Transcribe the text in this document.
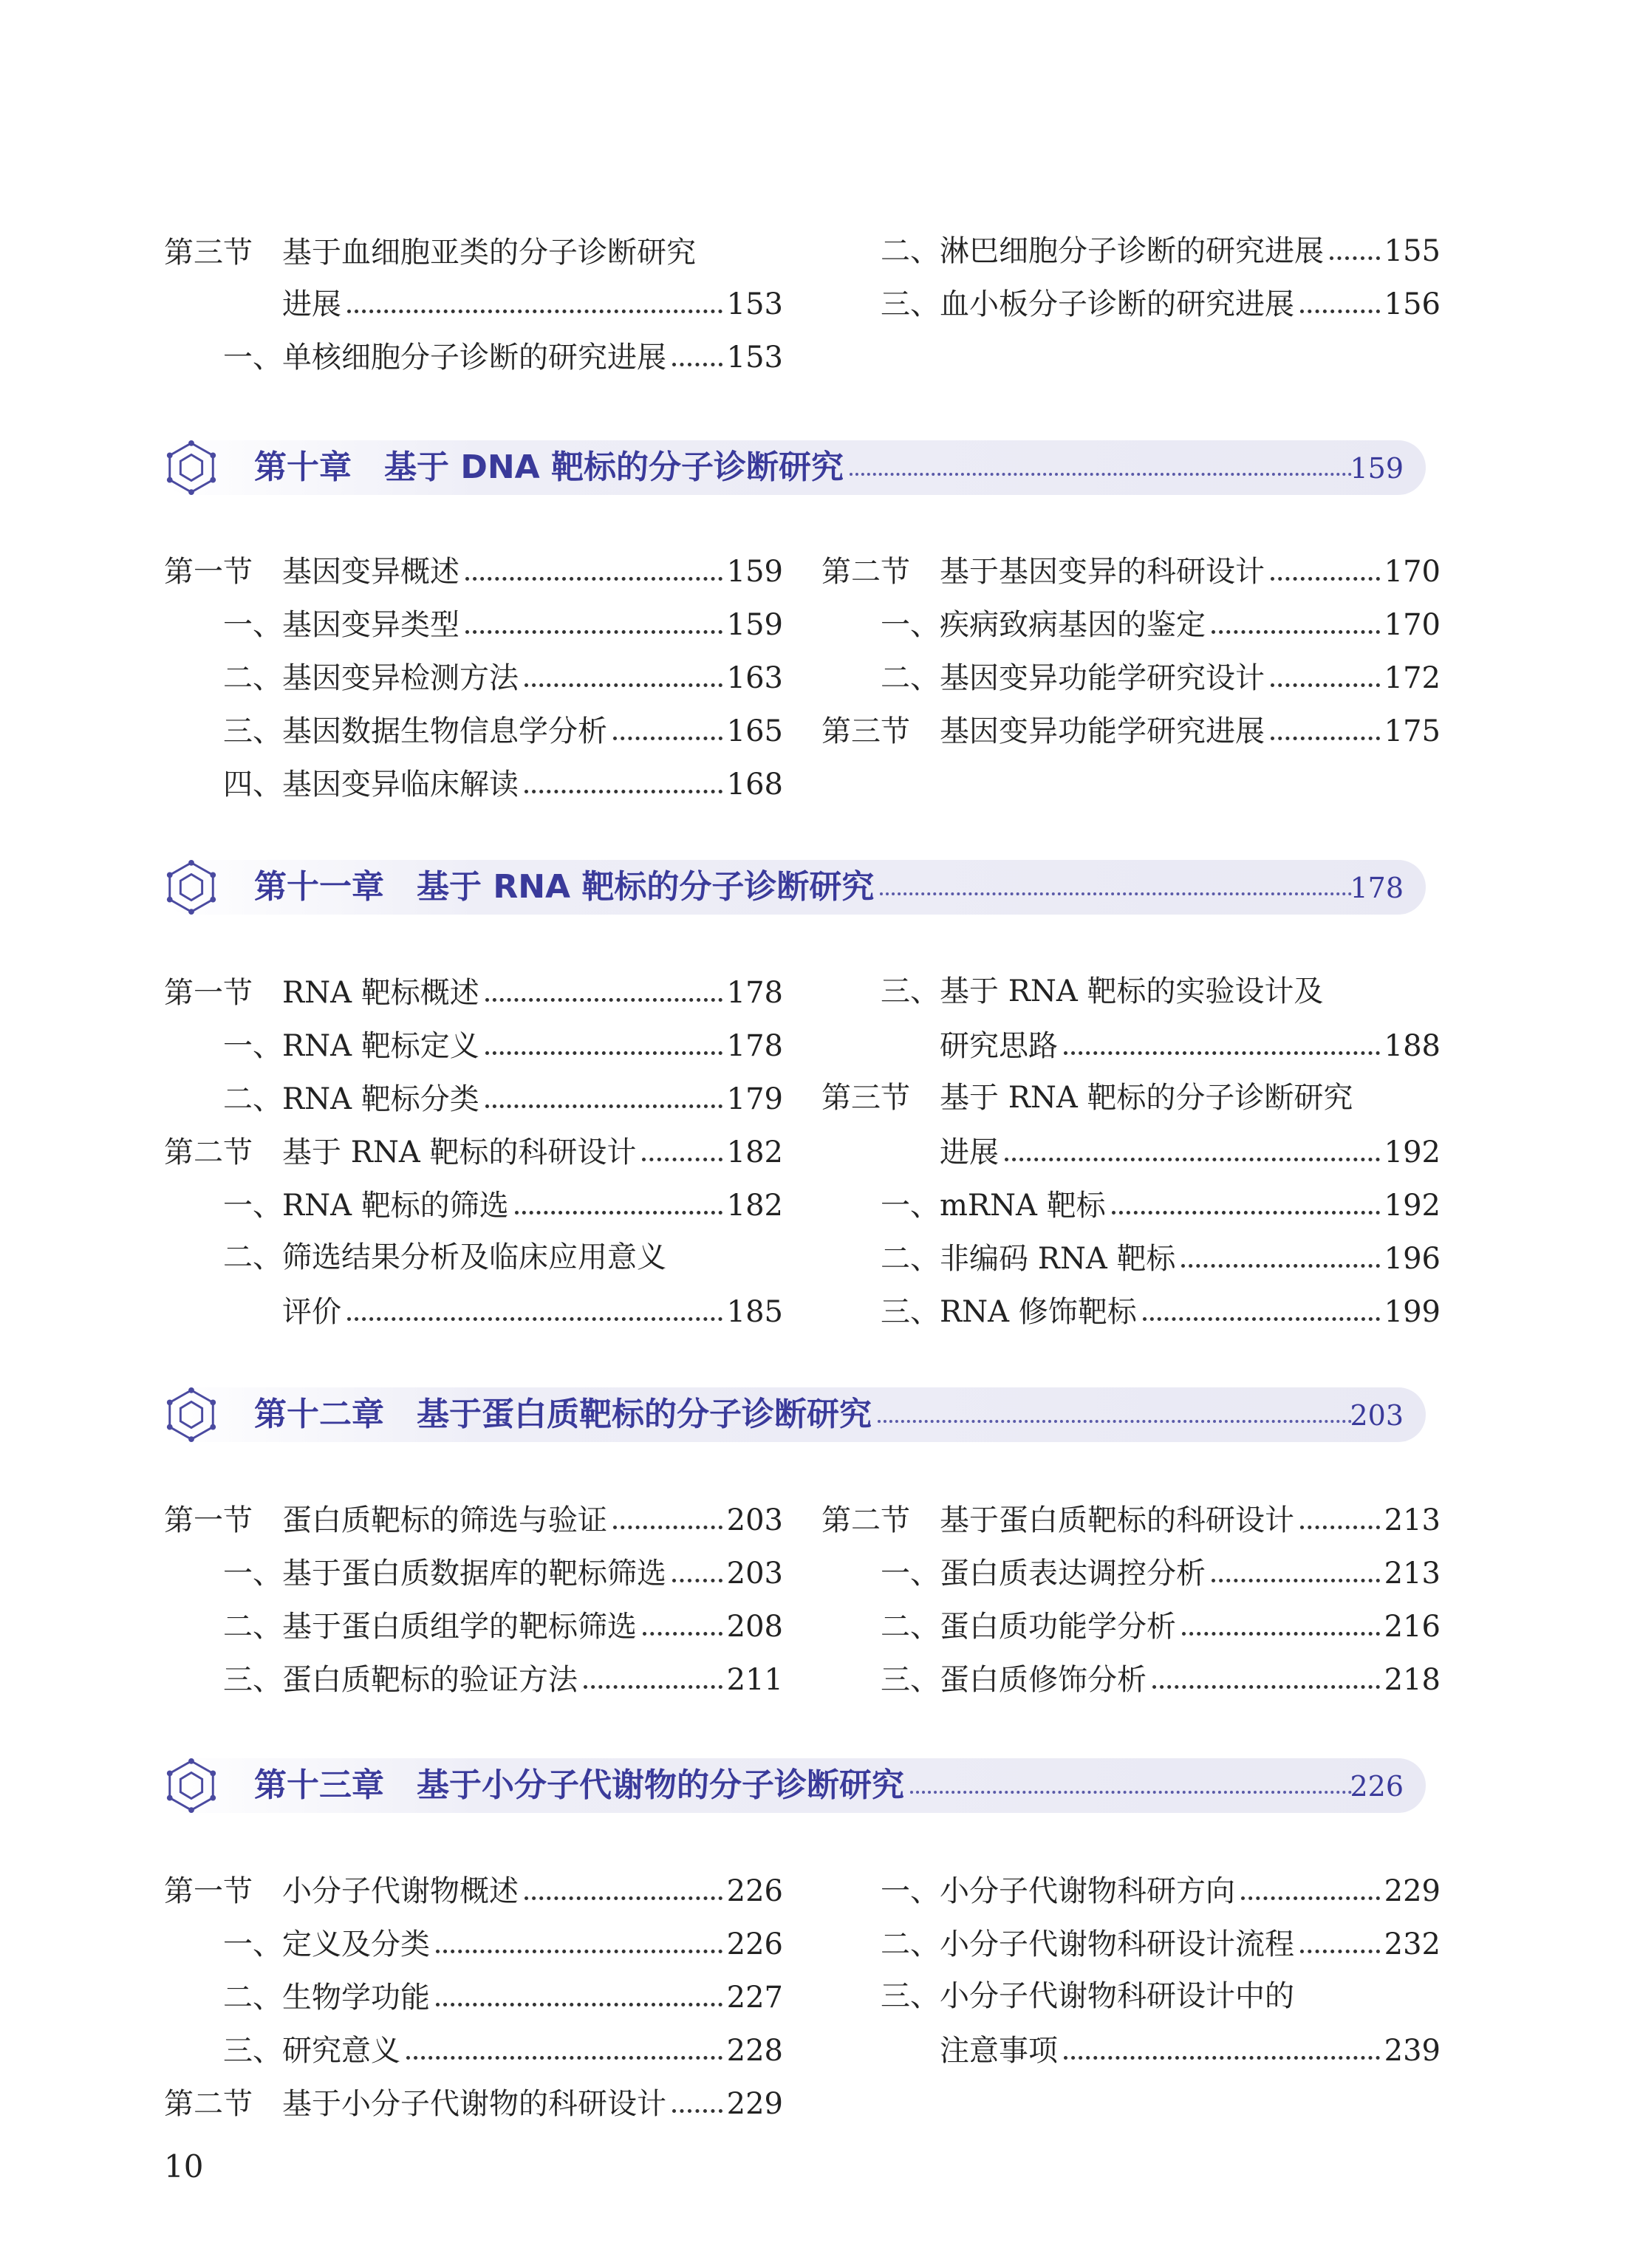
第三节　基于血细胞亚类的分子诊断研究
进展	153
一、单核细胞分子诊断的研究进展 153
二、淋巴细胞分子诊断的研究进展 155
三、血小板分子诊断的研究进展	156
第十章　基于 DNA 靶标的分子诊断研究	159
第十一章　基于 RNA 靶标的分子诊断研究	178
第十二章　基于蛋白质靶标的分子诊断研究	203
第十三章　基于小分子代谢物的分子诊断研究	226
第一节　基因变异概述	159
一、基因变异类型	159
二、基因变异检测方法	163
三、基因数据生物信息学分析	165
四、基因变异临床解读	168
第二节　基于基因变异的科研设计	170
一、疾病致病基因的鉴定	170
二、基因变异功能学研究设计	172
第三节　基因变异功能学研究进展	175
第一节　RNA 靶标概述	178
一、RNA 靶标定义	178
二、RNA 靶标分类	179
第二节　基于 RNA 靶标的科研设计	182
一、RNA 靶标的筛选	182
二、筛选结果分析及临床应用意义
评价	185
三、基于 RNA 靶标的实验设计及
研究思路	188
第三节　基于 RNA 靶标的分子诊断研究
进展	192
一、mRNA 靶标	192
二、非编码 RNA 靶标	196
三、RNA 修饰靶标	199
第一节　蛋白质靶标的筛选与验证	203
一、基于蛋白质数据库的靶标筛选 203
二、基于蛋白质组学的靶标筛选	208
三、蛋白质靶标的验证方法	211
第二节　基于蛋白质靶标的科研设计	213
一、蛋白质表达调控分析	213
二、蛋白质功能学分析	216
三、蛋白质修饰分析	218
第一节　小分子代谢物概述	226
一、定义及分类	226
二、生物学功能	227
三、研究意义	228
第二节　基于小分子代谢物的科研设计 229
一、小分子代谢物科研方向	229
二、小分子代谢物科研设计流程	232
三、小分子代谢物科研设计中的
注意事项	239
10
